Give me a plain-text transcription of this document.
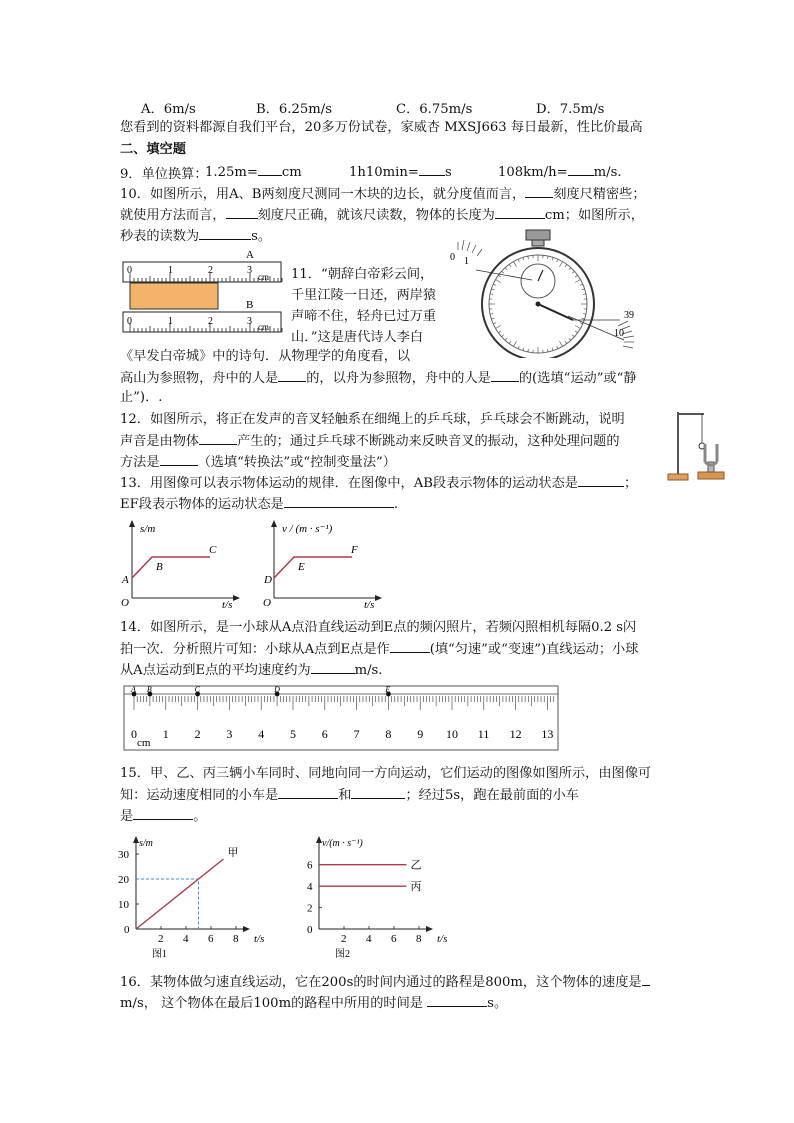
A．6m/s	B．6.25m/s	C．6.75m/s	D．7.5m/s
您看到的资料都源自我们平台，20多万份试卷，家威杏 MXSJ663 每日最新，性比价最高
二、填空题
9．单位换算：
1.25m= cm	1h10min= s	108km/h= m/s.
10．如图所示，用A、B两刻度尺测同一木块的边长，就分度值而言， 刻度尺精密些；
就使用方法而言， 刻度尺正确，就该尺读数，物体的长度为	cm；如图所示，
秒表的读数为	s。
A
0	1	2	3
cm
B
0	1	2	3 cm
11．“朝辞白帝彩云间，
千里江陵一日还，两岸猿
声啼不住，轻舟已过万重
山．”这是唐代诗人李白
《早发白帝城》中的诗句．从物理学的角度看，以
高山为参照物，舟中的人是 的，以舟为参照物，舟中的人是 的(选填“运动”或“静
止”)．.
0 1
39
10
12．如图所示，将正在发声的音叉轻触系在细绳上的乒乓球，乒乓球会不断跳动，说明
声音是由物体	产生的；通过乒乓球不断跳动来反映音叉的振动，这种处理问题的
方法是	（选填“转换法”或“控制变量法”）
13．用图像可以表示物体运动的规律．在图像中，AB段表示物体的运动状态是	；
EF段表示物体的运动状态是	.
s/m
t/s
O
A
B
C
v / (m · s⁻¹)
t/s
O
D
E
F
14．如图所示，是一小球从A点沿直线运动到E点的频闪照片，若频闪照相机每隔0.2 s闪
拍一次．分析照片可知：小球从A点到E点是作	(填“匀速”或“变速”)直线运动；小球
从A点运动到E点的平均速度约为	m/s.
0 1 2 3 4 5 6 7 8 9 10 11 12 13
A B	C	D	E
cm
15．甲、乙、丙三辆小车同时、同地向同一方向运动，它们运动的图像如图所示，由图像可
知：运动速度相同的小车是	和	；经过5s，跑在最前面的小车
是	。
2 4 6 8
0
10
20
30
s/m
t/s
图1
甲
2 4 6 8
0
2
4
6
v/(m · s⁻¹)
t/s
图2
乙
丙
16．某物体做匀速直线运动，它在200s的时间内通过的路程是800m，这个物体的速度是
m/s， 这个物体在最后100m的路程中所用的时间是	s。
